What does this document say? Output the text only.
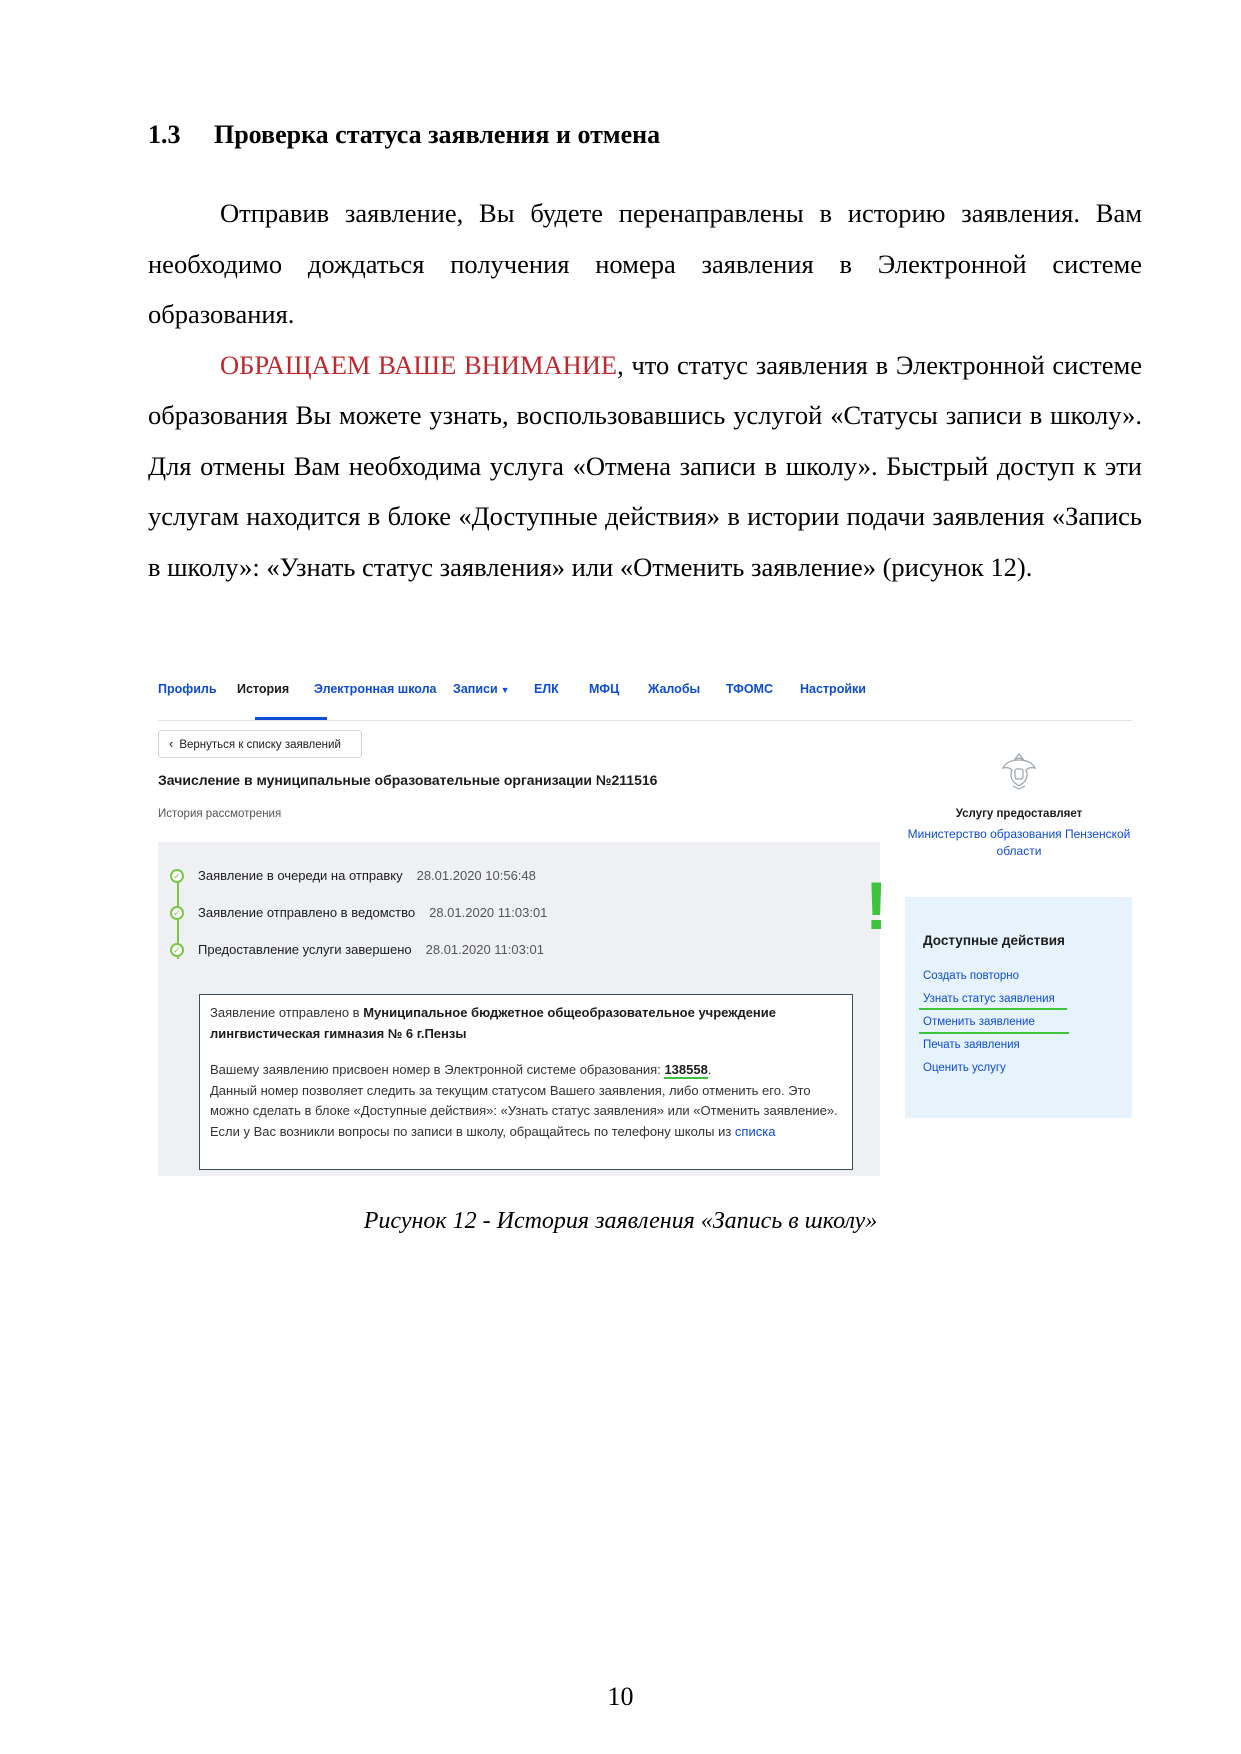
1.3 Проверка статуса заявления и отмена

Отправив заявление, Вы будете перенаправлены в историю заявления. Вам необходимо дождаться получения номера заявления в Электронной системе образования.

ОБРАЩАЕМ ВАШЕ ВНИМАНИЕ, что статус заявления в Электронной системе образования Вы можете узнать, воспользовавшись услугой «Статусы записи в школу». Для отмены Вам необходима услуга «Отмена записи в школу». Быстрый доступ к эти услугам находится в блоке «Доступные действия» в истории подачи заявления «Запись в школу»: «Узнать статус заявления» или «Отменить заявление» (рисунок 12).

Профиль История Электронная школа Записи ▼ ЕЛК МФЦ Жалобы ТФОМС Настройки
‹ Вернуться к списку заявлений
Зачисление в муниципальные образовательные организации №211516
История рассмотрения	Услугу предоставляет
Министерство образования Пензенской области
✓ Заявление в очереди на отправку 28.01.2020 10:56:48
✓ Заявление отправлено в ведомство 28.01.2020 11:03:01
✓ Предоставление услуги завершено 28.01.2020 11:03:01
Заявление отправлено в Муниципальное бюджетное общеобразовательное учреждение лингвистическая гимназия № 6 г.Пензы
Вашему заявлению присвоен номер в Электронной системе образования: 138558.
Данный номер позволяет следить за текущим статусом Вашего заявления, либо отменить его. Это можно сделать в блоке «Доступные действия»: «Узнать статус заявления» или «Отменить заявление».
Если у Вас возникли вопросы по записи в школу, обращайтесь по телефону школы из списка
!	Доступные действия
Создать повторно
Узнать статус заявления
Отменить заявление
Печать заявления
Оценить услугу
Рисунок 12 - История заявления «Запись в школу»
10
